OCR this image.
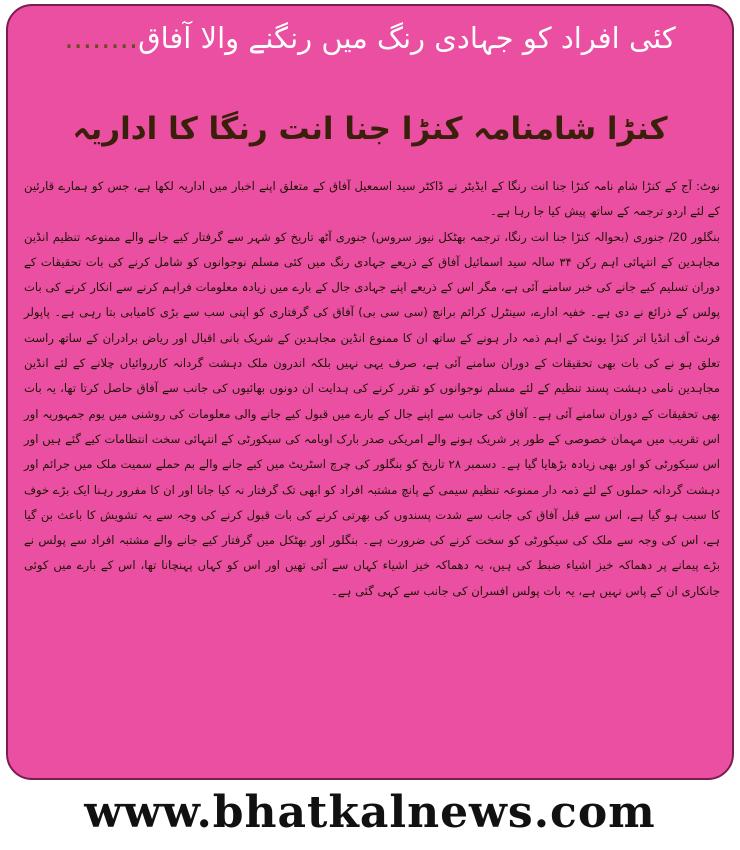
کئی افراد کو جہادی رنگ میں رنگنے والا آفاق........
کنڑا شامنامہ کنڑا جنا انت رنگا کا اداریہ

نوٹ: آج کے کنڑا شام نامہ کنڑا جنا انت رنگا کے ایڈیٹر نے ڈاکٹر سید اسمعیل آفاق کے متعلق اپنے اخبار میں اداریہ لکھا ہے، جس کو ہمارے قارئین کے لئے اردو ترجمہ کے ساتھ پیش کیا جا رہا ہے۔

بنگلور 20/ جنوری (بحوالہ کنڑا جنا انت رنگا، ترجمہ بھٹکل نیوز سروس) جنوری آٹھ تاریخ کو شہر سے گرفتار کیے جانے والے ممنوعہ تنظیم انڈین مجاہدین کے انتہائی اہم رکن ۳۴ سالہ سید اسمائیل آفاق کے ذریعے جہادی رنگ میں کئی مسلم نوجوانوں کو شامل کرنے کی بات تحقیقات کے دوران تسلیم کیے جانے کی خبر سامنے آئی ہے، مگر اس کے ذریعے اپنے جہادی جال کے بارے میں زیادہ معلومات فراہم کرنے سے انکار کرنے کی بات پولس کے ذرائع نے دی ہے۔ خفیہ ادارے، سینٹرل کرائم برانچ (سی سی بی) آفاق کی گرفتاری کو اپنی سب سے بڑی کامیابی بتا رہی ہے۔ پاپولر فرنٹ آف انڈیا اتر کنڑا یونٹ کے اہم ذمہ دار ہونے کے ساتھ ان کا ممنوع انڈین مجاہدین کے شریک بانی اقبال اور ریاض برادران کے ساتھ راست تعلق ہو نے کی بات بھی تحقیقات کے دوران سامنے آئی ہے، صرف یہی نہیں بلکہ اندرون ملک دہشت گردانہ کارروائیاں چلانے کے لئے انڈین مجاہدین نامی دہشت پسند تنظیم کے لئے مسلم نوجوانوں کو تقرر کرنے کی ہدایت ان دونوں بھائیوں کی جانب سے آفاق حاصل کرتا تھا، یہ بات بھی تحقیقات کے دوران سامنے آئی ہے۔ آفاق کی جانب سے اپنے جال کے بارے میں قبول کیے جانے والی معلومات کی روشنی میں یوم جمہوریہ اور اس تقریب میں مہمان خصوصی کے طور پر شریک ہونے والے امریکی صدر بارک اوبامہ کی سیکورٹی کے انتہائی سخت انتظامات کیے گئے ہیں اور اس سیکورٹی کو اور بھی زیادہ بڑھایا گیا ہے۔ دسمبر ۲۸ تاریخ کو بنگلور کی چرچ اسٹریٹ میں کیے جانے والے بم حملے سمیت ملک میں جرائم اور دہشت گردانہ حملوں کے لئے ذمہ دار ممنوعہ تنظیم سیمی کے پانچ مشتبہ افراد کو ابھی تک گرفتار نہ کیا جانا اور ان کا مفرور رہنا ایک بڑے خوف کا سبب ہو گیا ہے، اس سے قبل آفاق کی جانب سے شدت پسندوں کی بھرتی کرنے کی بات قبول کرنے کی وجہ سے یہ تشویش کا باعث بن گیا ہے، اس کی وجہ سے ملک کی سیکورٹی کو سخت کرنے کی ضرورت ہے۔ بنگلور اور بھٹکل میں گرفتار کیے جانے والے مشتبہ افراد سے پولس نے بڑے پیمانے پر دھماکہ خیز اشیاء ضبط کی ہیں، یہ دھماکہ خیز اشیاء کہاں سے آئی تھیں اور اس کو کہاں پہنچانا تھا، اس کے بارے میں کوئی جانکاری ان کے پاس نہیں ہے، یہ بات پولس افسران کی جانب سے کہی گئی ہے۔

www.bhatkalnews.com
